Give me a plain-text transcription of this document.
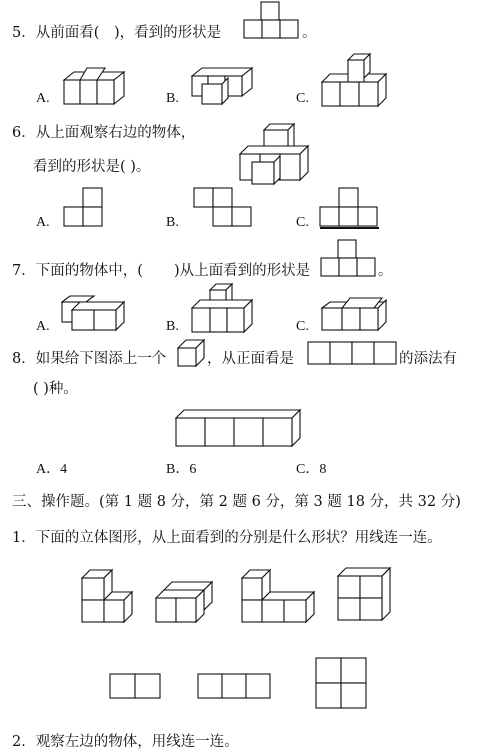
5．从前面看( )，看到的形状是	。
A.	B.	C.
6．从上面观察右边的物体，
看到的形状是( )。
A.	B.	C.
7．下面的物体中，( )从上面看到的形状是	。
A.	B.	C.
8．如果给下图添上一个	，从正面看是	的添法有
( )种。
A．4	B．6	C．8
三、操作题。(第 1 题 8 分，第 2 题 6 分，第 3 题 18 分，共 32 分)
1．下面的立体图形，从上面看到的分别是什么形状？用线连一连。
2．观察左边的物体，用线连一连。
